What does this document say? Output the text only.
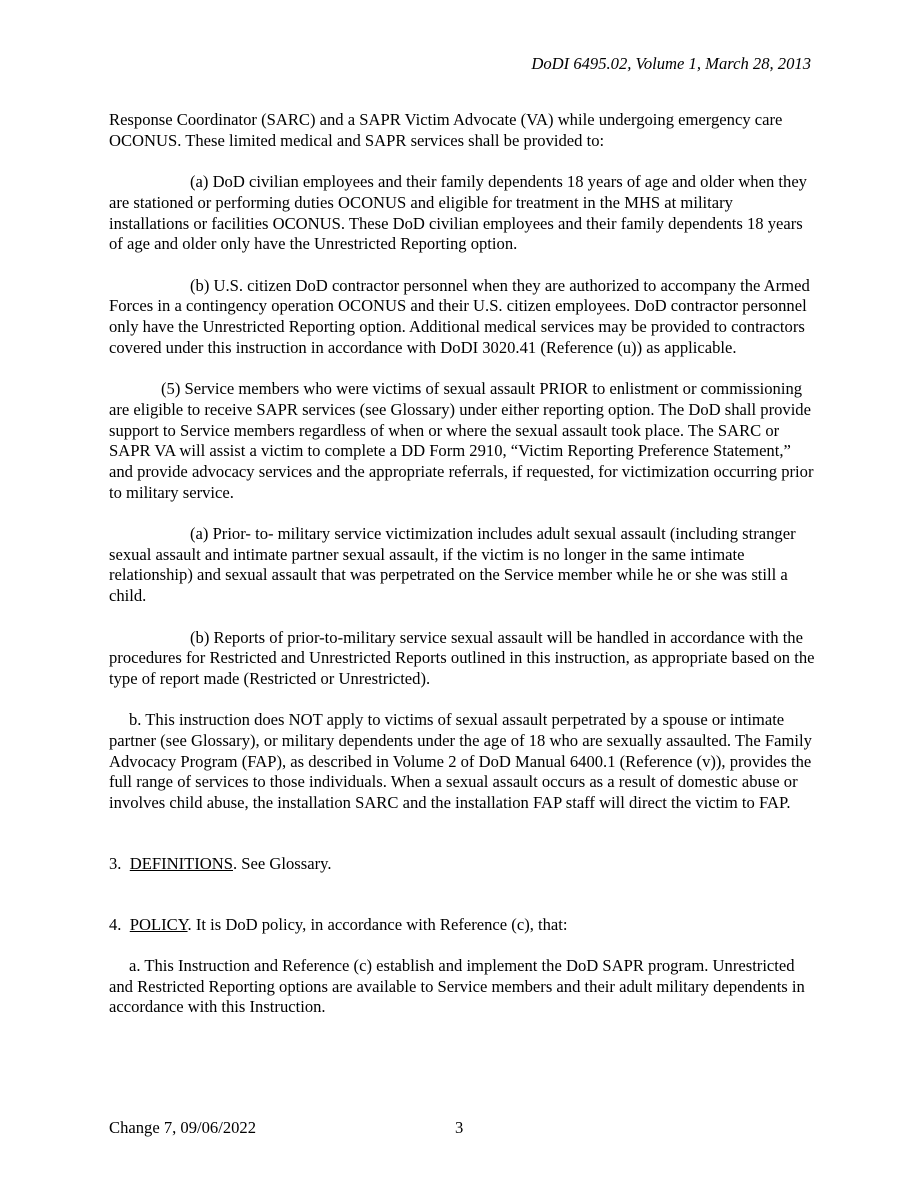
DoDI 6495.02, Volume 1, March 28, 2013

Response Coordinator (SARC) and a SAPR Victim Advocate (VA) while undergoing emergency care OCONUS. These limited medical and SAPR services shall be provided to:

(a) DoD civilian employees and their family dependents 18 years of age and older when they are stationed or performing duties OCONUS and eligible for treatment in the MHS at military installations or facilities OCONUS. These DoD civilian employees and their family dependents 18 years of age and older only have the Unrestricted Reporting option.

(b) U.S. citizen DoD contractor personnel when they are authorized to accompany the Armed Forces in a contingency operation OCONUS and their U.S. citizen employees. DoD contractor personnel only have the Unrestricted Reporting option. Additional medical services may be provided to contractors covered under this instruction in accordance with DoDI 3020.41 (Reference (u)) as applicable.

(5) Service members who were victims of sexual assault PRIOR to enlistment or commissioning are eligible to receive SAPR services (see Glossary) under either reporting option. The DoD shall provide support to Service members regardless of when or where the sexual assault took place. The SARC or SAPR VA will assist a victim to complete a DD Form 2910, “Victim Reporting Preference Statement,” and provide advocacy services and the appropriate referrals, if requested, for victimization occurring prior to military service.

(a) Prior- to- military service victimization includes adult sexual assault (including stranger sexual assault and intimate partner sexual assault, if the victim is no longer in the same intimate relationship) and sexual assault that was perpetrated on the Service member while he or she was still a child.

(b) Reports of prior-to-military service sexual assault will be handled in accordance with the procedures for Restricted and Unrestricted Reports outlined in this instruction, as appropriate based on the type of report made (Restricted or Unrestricted).

b. This instruction does NOT apply to victims of sexual assault perpetrated by a spouse or intimate partner (see Glossary), or military dependents under the age of 18 who are sexually assaulted. The Family Advocacy Program (FAP), as described in Volume 2 of DoD Manual 6400.1 (Reference (v)), provides the full range of services to those individuals. When a sexual assault occurs as a result of domestic abuse or involves child abuse, the installation SARC and the installation FAP staff will direct the victim to FAP.

3. DEFINITIONS. See Glossary.

4. POLICY. It is DoD policy, in accordance with Reference (c), that:

a. This Instruction and Reference (c) establish and implement the DoD SAPR program. Unrestricted and Restricted Reporting options are available to Service members and their adult military dependents in accordance with this Instruction.

Change 7, 09/06/2022	3
